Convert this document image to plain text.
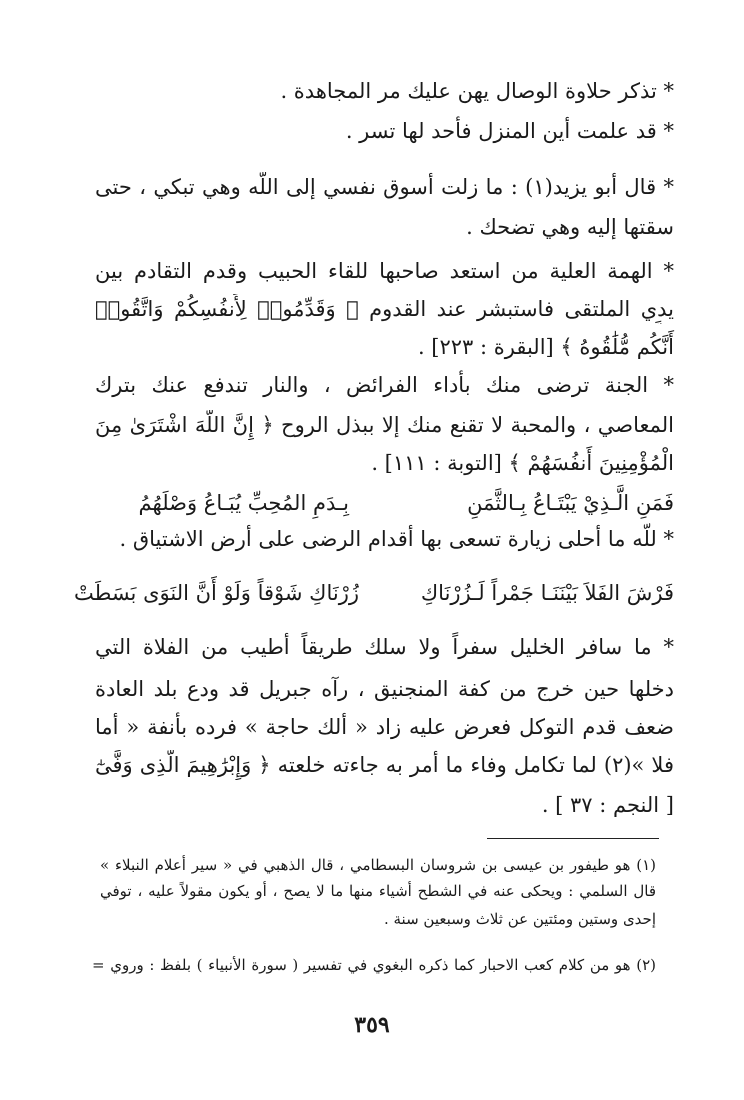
* تذكر حلاوة الوصال يهن عليك مر المجاهدة .
* قد علمت أين المنزل فأحد لها تسر .
* قال أبو يزيد(١) : ما زلت أسوق نفسي إلى اللّه وهي تبكي ، حتى
سقتها إليه وهي تضحك .
* الهمة العلية من استعد صاحبها للقاء الحبيب وقدم التقادم بين
يدي الملتقى فاستبشر عند القدوم ﴿ وَقَدِّمُوا۟ لِأَنفُسِكُمْ وَاتَّقُوا۟
أَنَّكُم مُّلَٰقُوهُ ﴾ [البقرة : ٢٢٣] .
* الجنة ترضى منك بأداء الفرائض ، والنار تندفع عنك بترك
المعاصي ، والمحبة لا تقنع منك إلا ببذل الروح ﴿ إِنَّ اللَّهَ اشْتَرَىٰ مِنَ
الْمُؤْمِنِينَ أَنفُسَهُمْ ﴾ [التوبة : ١١١] .
فَمَنِ الَّـذِيْ يَبْتَـاعُ بِـالثَّمَنِ
بِـدَمِ المُحِبِّ يُبَـاعُ وَصْلَهُمُ
* للّه ما أحلى زيارة تسعى بها أقدام الرضى على أرض الاشتياق .
فَرْشَ الفَلاَ بَيْنَنَـا جَمْراً لَـزُرْنَاكِ
زُرْنَاكِ شَوْقاً وَلَوْ أَنَّ النَوَى بَسَطَتْ
* ما سافر الخليل سفراً ولا سلك طريقاً أطيب من الفلاة التي
دخلها حين خرج من كفة المنجنيق ، رآه جبريل قد ودع بلد العادة
ضعف قدم التوكل فعرض عليه زاد « ألك حاجة » فرده بأنفة « أما
فلا »(٢) لما تكامل وفاء ما أمر به جاءته خلعته ﴿ وَإِبْرَٰهِيمَ الَّذِى وَفَّىٰٓ
[ النجم : ٣٧ ] .
(١) هو طيفور بن عيسى بن شروسان البسطامي ، قال الذهبي في « سير أعلام النبلاء »
قال السلمي : ويحكى عنه في الشطح أشياء منها ما لا يصح ، أو يكون مقولاً عليه ، توفي
إحدى وستين ومئتين عن ثلاث وسبعين سنة .
(٢) هو من كلام كعب الاحبار كما ذكره البغوي في تفسير ( سورة الأنبياء ) بلفظ : وروي =
٣٥٩
